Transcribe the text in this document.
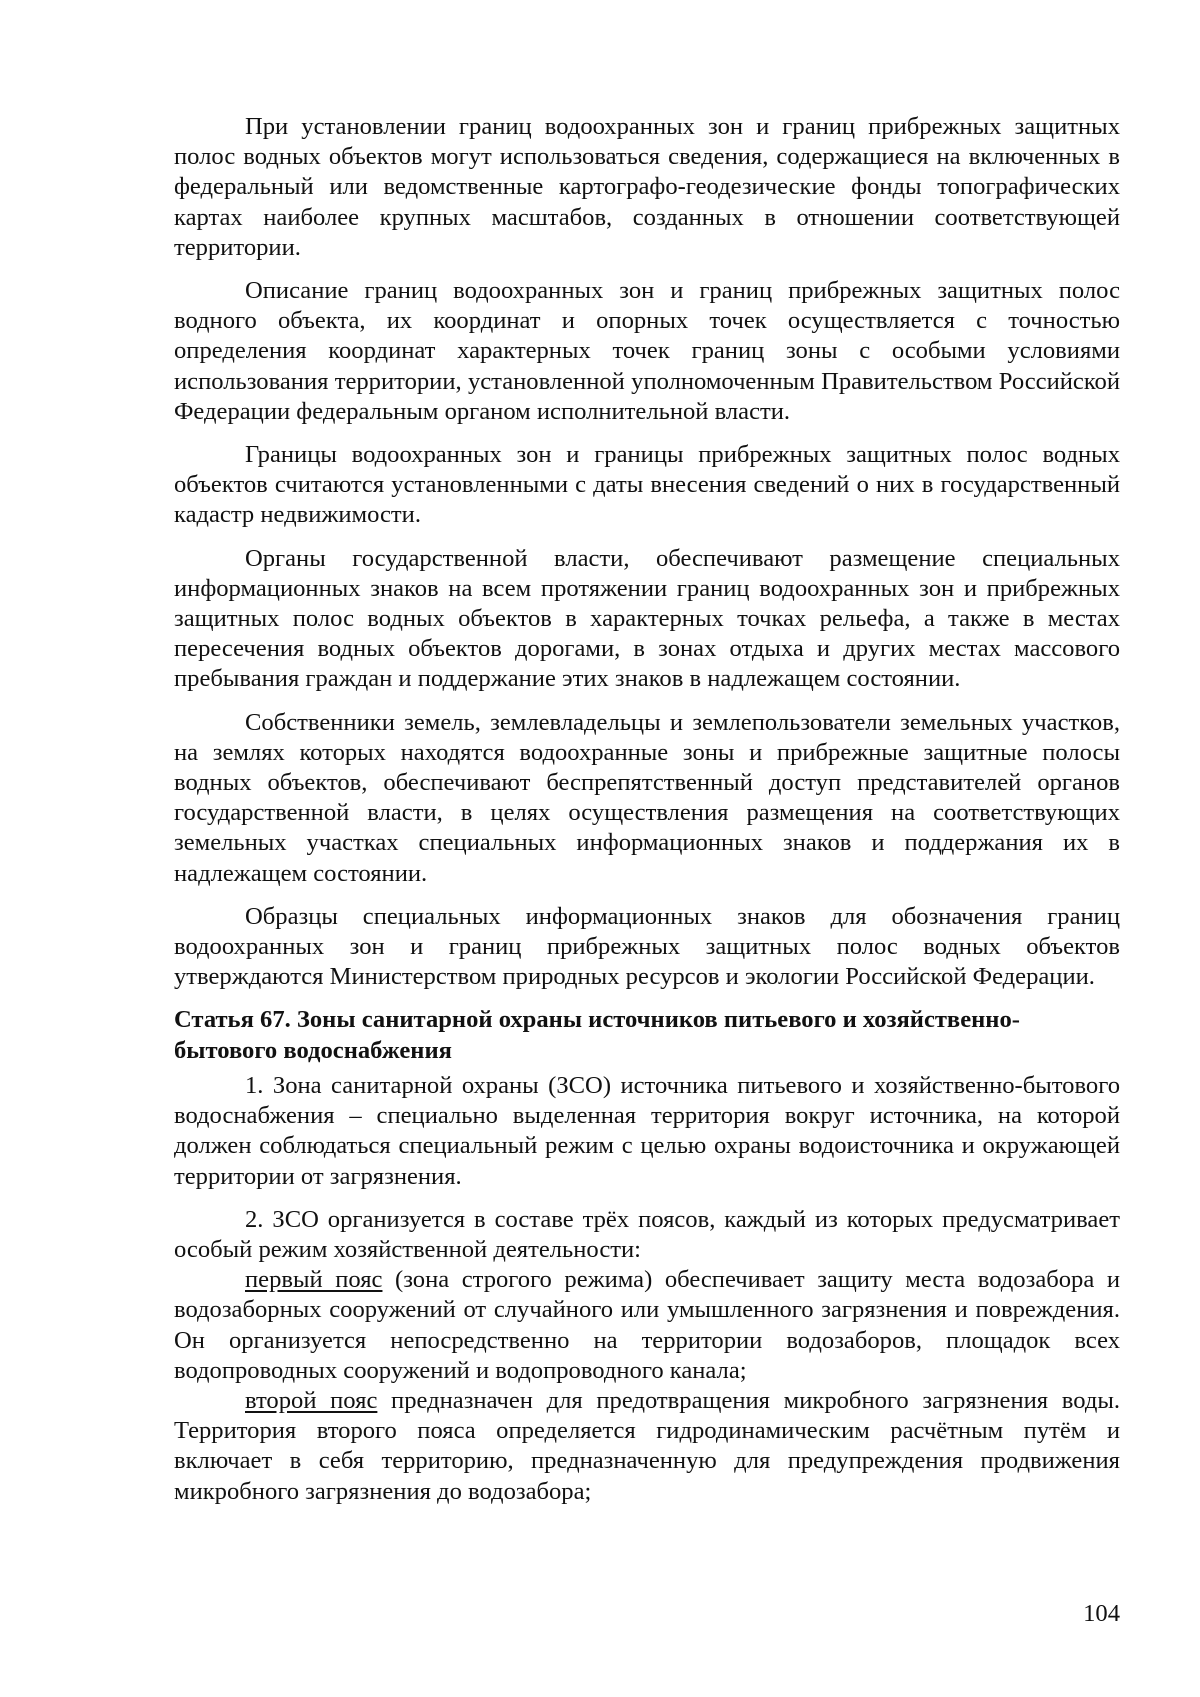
При установлении границ водоохранных зон и границ прибрежных защитных полос водных объектов могут использоваться сведения, содержащиеся на включенных в федеральный или ведомственные картографо-геодезические фонды топографических картах наиболее крупных масштабов, созданных в отношении соответствующей территории.

Описание границ водоохранных зон и границ прибрежных защитных полос водного объекта, их координат и опорных точек осуществляется с точностью определения координат характерных точек границ зоны с особыми условиями использования территории, установленной уполномоченным Правительством Российской Федерации федеральным органом исполнительной власти.

Границы водоохранных зон и границы прибрежных защитных полос водных объектов считаются установленными с даты внесения сведений о них в государственный кадастр недвижимости.

Органы государственной власти, обеспечивают размещение специальных информационных знаков на всем протяжении границ водоохранных зон и прибрежных защитных полос водных объектов в характерных точках рельефа, а также в местах пересечения водных объектов дорогами, в зонах отдыха и других местах массового пребывания граждан и поддержание этих знаков в надлежащем состоянии.

Собственники земель, землевладельцы и землепользователи земельных участков, на землях которых находятся водоохранные зоны и прибрежные защитные полосы водных объектов, обеспечивают беспрепятственный доступ представителей органов государственной власти, в целях осуществления размещения на соответствующих земельных участках специальных информационных знаков и поддержания их в надлежащем состоянии.

Образцы специальных информационных знаков для обозначения границ водоохранных зон и границ прибрежных защитных полос водных объектов утверждаются Министерством природных ресурсов и экологии Российской Федерации.

Статья 67. Зоны санитарной охраны источников питьевого и хозяйственно-бытового водоснабжения

1. Зона санитарной охраны (ЗСО) источника питьевого и хозяйственно-бытового водоснабжения – специально выделенная территория вокруг источника, на которой должен соблюдаться специальный режим с целью охраны водоисточника и окружающей территории от загрязнения.

2. ЗСО организуется в составе трёх поясов, каждый из которых предусматривает особый режим хозяйственной деятельности:

первый пояс (зона строгого режима) обеспечивает защиту места водозабора и водозаборных сооружений от случайного или умышленного загрязнения и повреждения. Он организуется непосредственно на территории водозаборов, площадок всех водопроводных сооружений и водопроводного канала;

второй пояс предназначен для предотвращения микробного загрязнения воды. Территория второго пояса определяется гидродинамическим расчётным путём и включает в себя территорию, предназначенную для предупреждения продвижения микробного загрязнения до водозабора;

104
